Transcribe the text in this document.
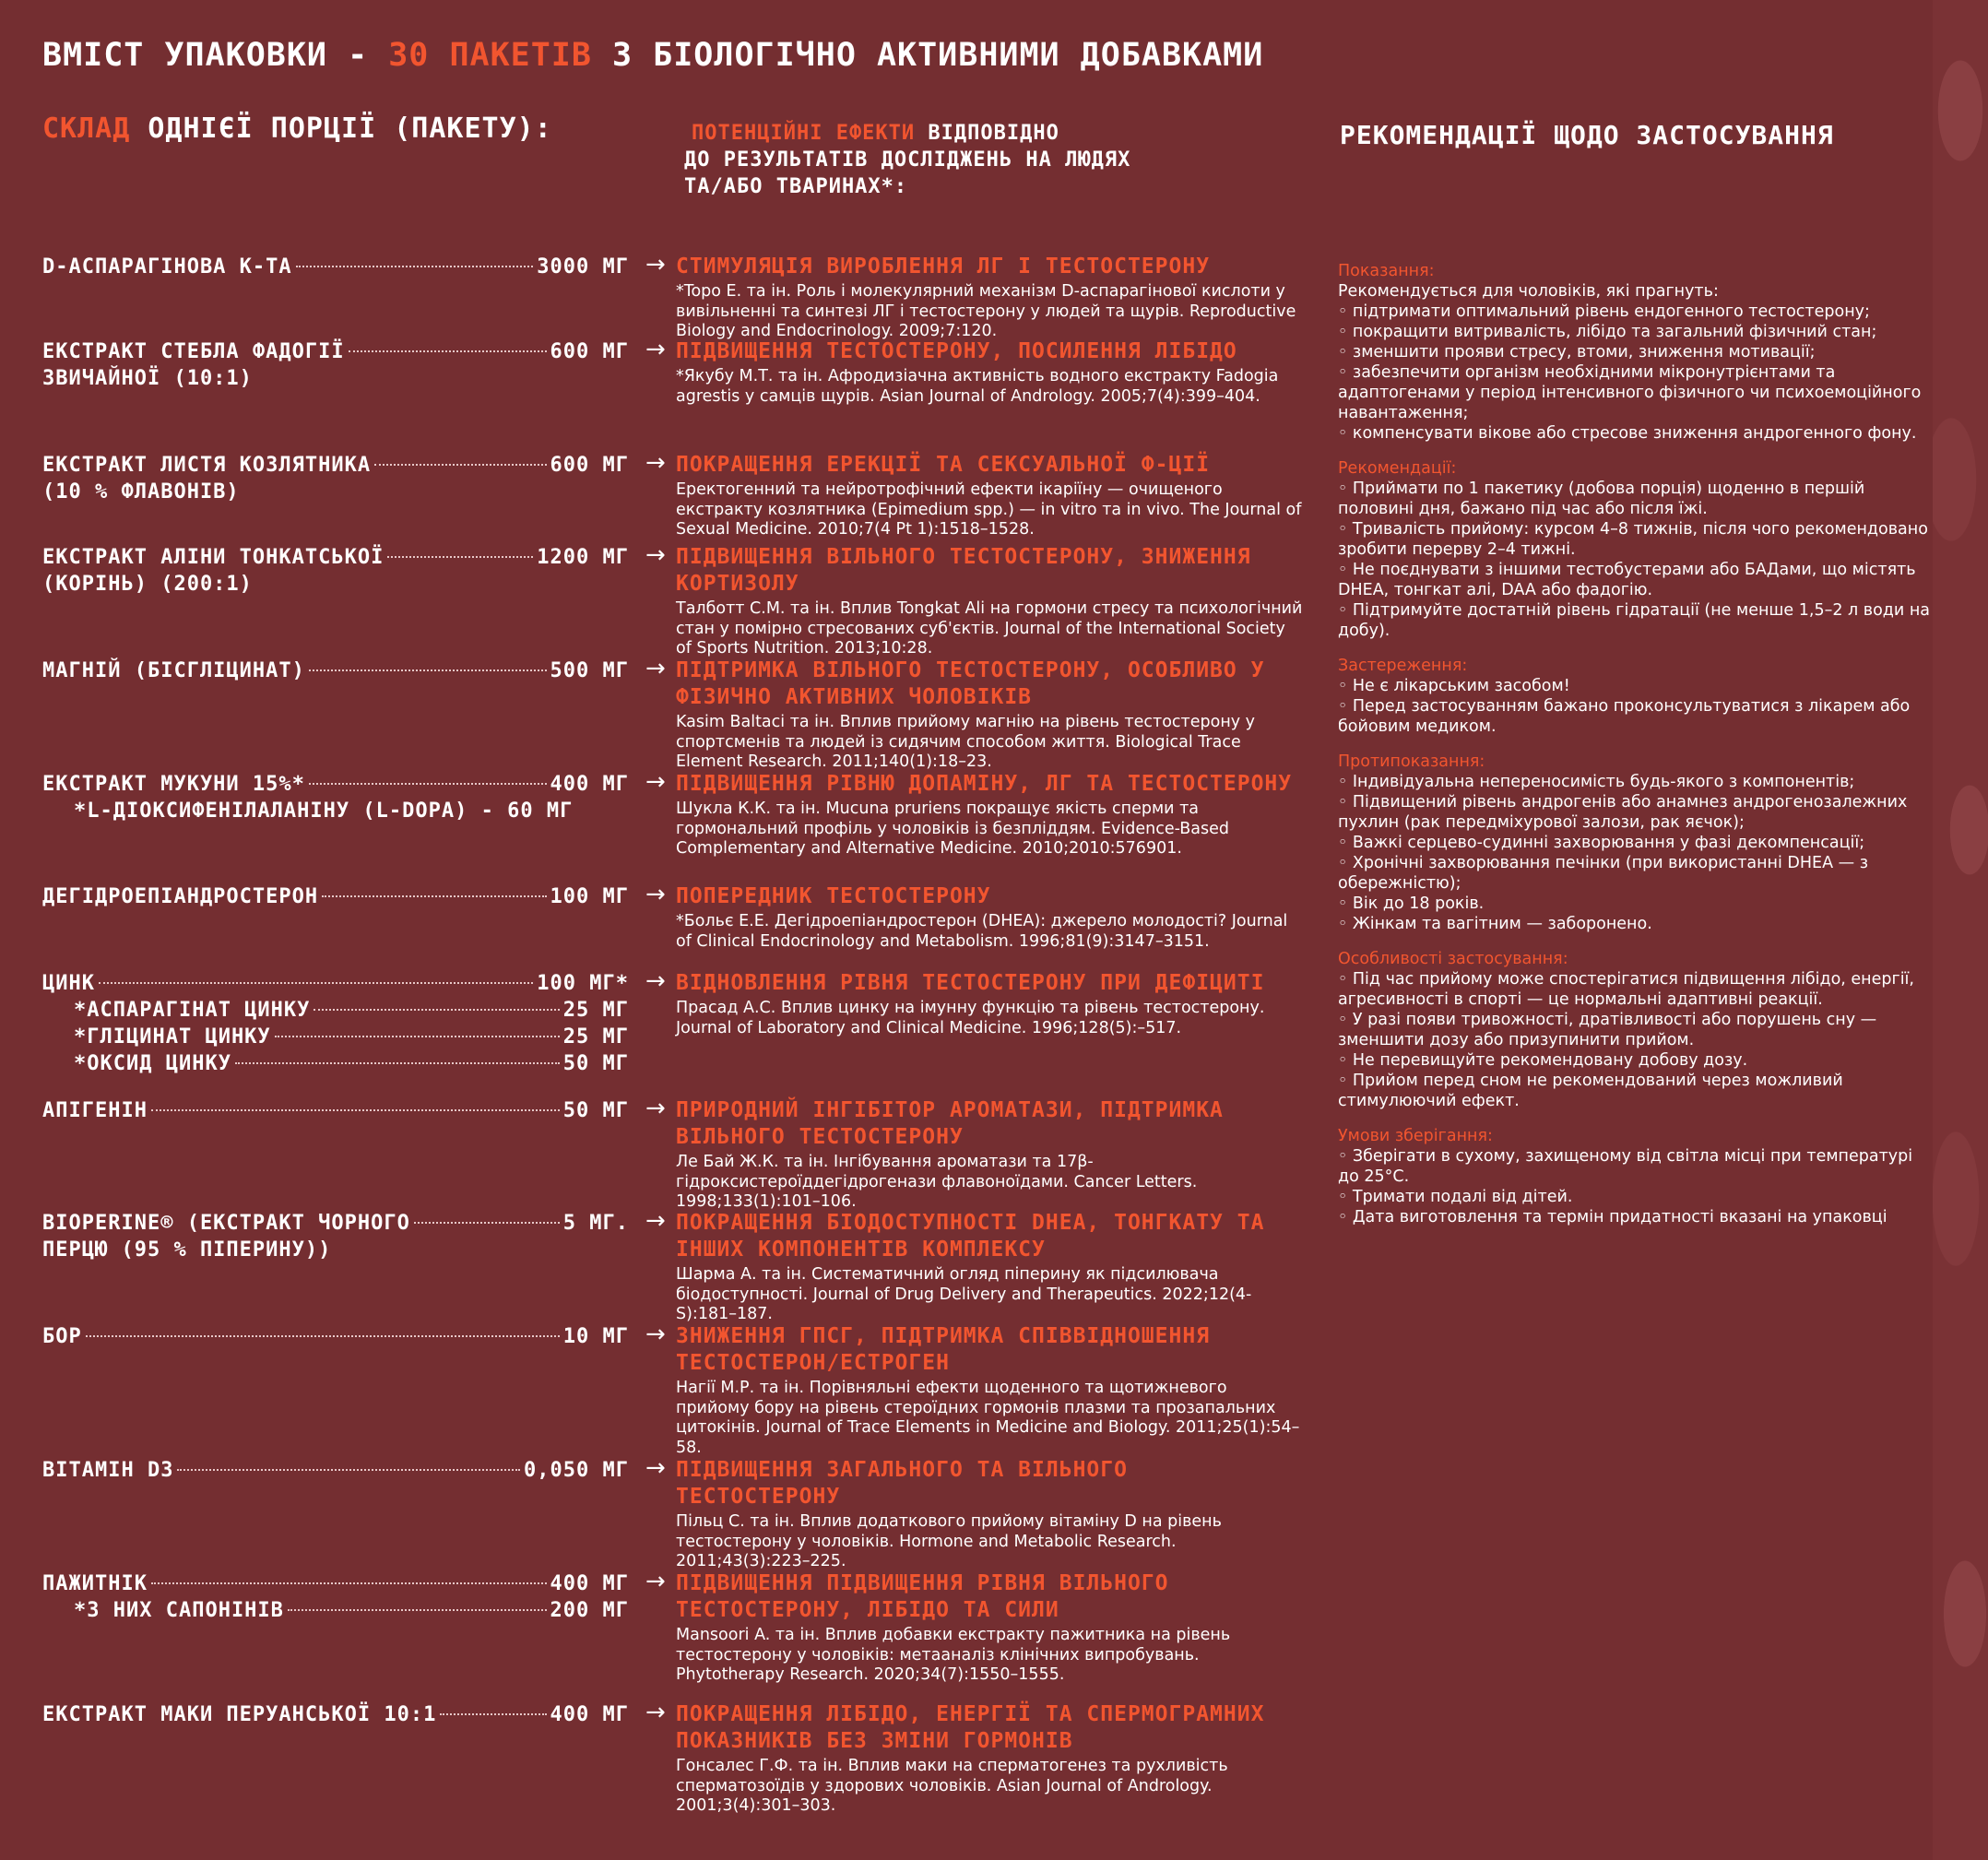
ВМІСТ УПАКОВКИ - 30 ПАКЕТІВ З БІОЛОГІЧНО АКТИВНИМИ ДОБАВКАМИ
СКЛАД ОДНІЄЇ ПОРЦІЇ (ПАКЕТУ):	ПОТЕНЦІЙНІ ЕФЕКТИ ВІДПОВІДНО
ДО РЕЗУЛЬТАТІВ ДОСЛІДЖЕНЬ НА ЛЮДЯХ
ТА/АБО ТВАРИНАХ*:
РЕКОМЕНДАЦІЇ ЩОДО ЗАСТОСУВАННЯ
D-АСПАРАГІНОВА К-ТА	3000 МГ → СТИМУЛЯЦІЯ ВИРОБЛЕННЯ ЛГ І ТЕСТОСТЕРОНУ
*Topo E. та ін. Роль і молекулярний механізм D-аспарагінової кислоти у вивільненні та синтезі ЛГ і тестостерону у людей та щурів. Reproductive Biology and Endocrinology. 2009;7:120.
ЕКСТРАКТ СТЕБЛА ФАДОГІЇ	600 МГ
ЗВИЧАЙНОЇ (10:1)
→ ПІДВИЩЕННЯ ТЕСТОСТЕРОНУ, ПОСИЛЕННЯ ЛІБІДО
*Якубу М.Т. та ін. Афродизіачна активність водного екстракту Fadogia agrestis у самців щурів. Asian Journal of Andrology. 2005;7(4):399–404.
ЕКСТРАКТ ЛИСТЯ КОЗЛЯТНИКА	600 МГ
(10 % ФЛАВОНІВ)
→ ПОКРАЩЕННЯ ЕРЕКЦІЇ ТА СЕКСУАЛЬНОЇ Ф-ЦІЇ
Еректогенний та нейротрофічний ефекти ікаріїну — очищеного екстракту козлятника (Epimedium spp.) — in vitro та in vivo. The Journal of Sexual Medicine. 2010;7(4 Pt 1):1518–1528.
ЕКСТРАКТ АЛІНИ ТОНКАТСЬКОЇ	1200 МГ
(КОРІНЬ) (200:1)
→ ПІДВИЩЕННЯ ВІЛЬНОГО ТЕСТОСТЕРОНУ, ЗНИЖЕННЯ КОРТИЗОЛУ
Талботт С.М. та ін. Вплив Tongkat Ali на гормони стресу та психологічний стан у помірно стресованих суб'єктів. Journal of the International Society of Sports Nutrition. 2013;10:28.
МАГНІЙ (БІСГЛІЦИНАТ)	500 МГ → ПІДТРИМКА ВІЛЬНОГО ТЕСТОСТЕРОНУ, ОСОБЛИВО У ФІЗИЧНО АКТИВНИХ ЧОЛОВІКІВ
Kasim Baltaci та ін. Вплив прийому магнію на рівень тестостерону у спортсменів та людей із сидячим способом життя. Biological Trace Element Research. 2011;140(1):18–23.
ЕКСТРАКТ МУКУНИ 15%*	400 МГ
*L-ДІОКСИФЕНІЛАЛАНІНУ (L-DOPA) - 60 МГ
→ ПІДВИЩЕННЯ РІВНЮ ДОПАМІНУ, ЛГ ТА ТЕСТОСТЕРОНУ
Шукла К.К. та ін. Mucuna pruriens покращує якість сперми та гормональний профіль у чоловіків із безпліддям. Evidence-Based Complementary and Alternative Medicine. 2010;2010:576901.
ДЕГІДРОЕПІАНДРОСТЕРОН	100 МГ → ПОПЕРЕДНИК ТЕСТОСТЕРОНУ
*Больє Е.Е. Дегідроепіандростерон (DHEA): джерело молодості? Journal of Clinical Endocrinology and Metabolism. 1996;81(9):3147–3151.
ЦИНК	100 МГ*
*АСПАРАГІНАТ ЦИНКУ	25 МГ
*ГЛІЦИНАТ ЦИНКУ	25 МГ
*ОКСИД ЦИНКУ	50 МГ
→ ВІДНОВЛЕННЯ РІВНЯ ТЕСТОСТЕРОНУ ПРИ ДЕФІЦИТІ
Прасад А.С. Вплив цинку на імунну функцію та рівень тестостерону. Journal of Laboratory and Clinical Medicine. 1996;128(5):–517.
АПІГЕНІН	50 МГ → ПРИРОДНИЙ ІНГІБІТОР АРОМАТАЗИ, ПІДТРИМКА ВІЛЬНОГО ТЕСТОСТЕРОНУ
Ле Бай Ж.К. та ін. Інгібування ароматази та 17β-гідроксистероїддегідрогенази флавоноїдами. Cancer Letters. 1998;133(1):101–106.
BIOPERINE® (ЕКСТРАКТ ЧОРНОГО	5 МГ.
ПЕРЦЮ (95 % ПІПЕРИНУ))
→ ПОКРАЩЕННЯ БІОДОСТУПНОСТІ DHEA, ТОНГКАТУ ТА ІНШИХ КОМПОНЕНТІВ КОМПЛЕКСУ
Шарма А. та ін. Систематичний огляд піперину як підсилювача біодоступності. Journal of Drug Delivery and Therapeutics. 2022;12(4-S):181–187.
БОР	10 МГ → ЗНИЖЕННЯ ГПСГ, ПІДТРИМКА СПІВВІДНОШЕННЯ ТЕСТОСТЕРОН/ЕСТРОГЕН
Нагії М.Р. та ін. Порівняльні ефекти щоденного та щотижневого прийому бору на рівень стероїдних гормонів плазми та прозапальних цитокінів. Journal of Trace Elements in Medicine and Biology. 2011;25(1):54–58.
ВІТАМІН D3	0,050 МГ → ПІДВИЩЕННЯ ЗАГАЛЬНОГО ТА ВІЛЬНОГО ТЕСТОСТЕРОНУ
Пільц С. та ін. Вплив додаткового прийому вітаміну D на рівень тестостерону у чоловіків. Hormone and Metabolic Research. 2011;43(3):223–225.
ПАЖИТНІК	400 МГ
*З НИХ САПОНІНІВ	200 МГ
→ ПІДВИЩЕННЯ ПІДВИЩЕННЯ РІВНЯ ВІЛЬНОГО ТЕСТОСТЕРОНУ, ЛІБІДО ТА СИЛИ
Mansoori A. та ін. Вплив добавки екстракту пажитника на рівень тестостерону у чоловіків: метааналіз клінічних випробувань. Phytotherapy Research. 2020;34(7):1550–1555.
ЕКСТРАКТ МАКИ ПЕРУАНСЬКОЇ 10:1	400 МГ → ПОКРАЩЕННЯ ЛІБІДО, ЕНЕРГІЇ ТА СПЕРМОГРАМНИХ ПОКАЗНИКІВ БЕЗ ЗМІНИ ГОРМОНІВ
Гонсалес Г.Ф. та ін. Вплив маки на сперматогенез та рухливість сперматозоїдів у здорових чоловіків. Asian Journal of Andrology. 2001;3(4):301–303.
Показання:
Рекомендується для чоловіків, які прагнуть:
◦ підтримати оптимальний рівень ендогенного тестостерону;
◦ покращити витривалість, лібідо та загальний фізичний стан;
◦ зменшити прояви стресу, втоми, зниження мотивації;
◦ забезпечити організм необхідними мікронутрієнтами та адаптогенами у період інтенсивного фізичного чи психоемоційного навантаження;
◦ компенсувати вікове або стресове зниження андрогенного фону.
Рекомендації:
◦ Приймати по 1 пакетику (добова порція) щоденно в першій половині дня, бажано під час або після їжі.
◦ Тривалість прийому: курсом 4–8 тижнів, після чого рекомендовано зробити перерву 2–4 тижні.
◦ Не поєднувати з іншими тестобустерами або БАДами, що містять DHEA, тонгкат алі, DAA або фадогію.
◦ Підтримуйте достатній рівень гідратації (не менше 1,5–2 л води на добу).
Застереження:
◦ Не є лікарським засобом!
◦ Перед застосуванням бажано проконсультуватися з лікарем або бойовим медиком.
Протипоказання:
◦ Індивідуальна непереносимість будь-якого з компонентів;
◦ Підвищений рівень андрогенів або анамнез андрогенозалежних пухлин (рак передміхурової залози, рак яєчок);
◦ Важкі серцево-судинні захворювання у фазі декомпенсації;
◦ Хронічні захворювання печінки (при використанні DHEA — з обережністю);
◦ Вік до 18 років.
◦ Жінкам та вагітним — заборонено.
Особливості застосування:
◦ Під час прийому може спостерігатися підвищення лібідо, енергії, агресивності в спорті — це нормальні адаптивні реакції.
◦ У разі появи тривожності, дратівливості або порушень сну — зменшити дозу або призупинити прийом.
◦ Не перевищуйте рекомендовану добову дозу.
◦ Прийом перед сном не рекомендований через можливий стимулюючий ефект.
Умови зберігання:
◦ Зберігати в сухому, захищеному від світла місці при температурі до 25°C.
◦ Тримати подалі від дітей.
◦ Дата виготовлення та термін придатності вказані на упаковці
